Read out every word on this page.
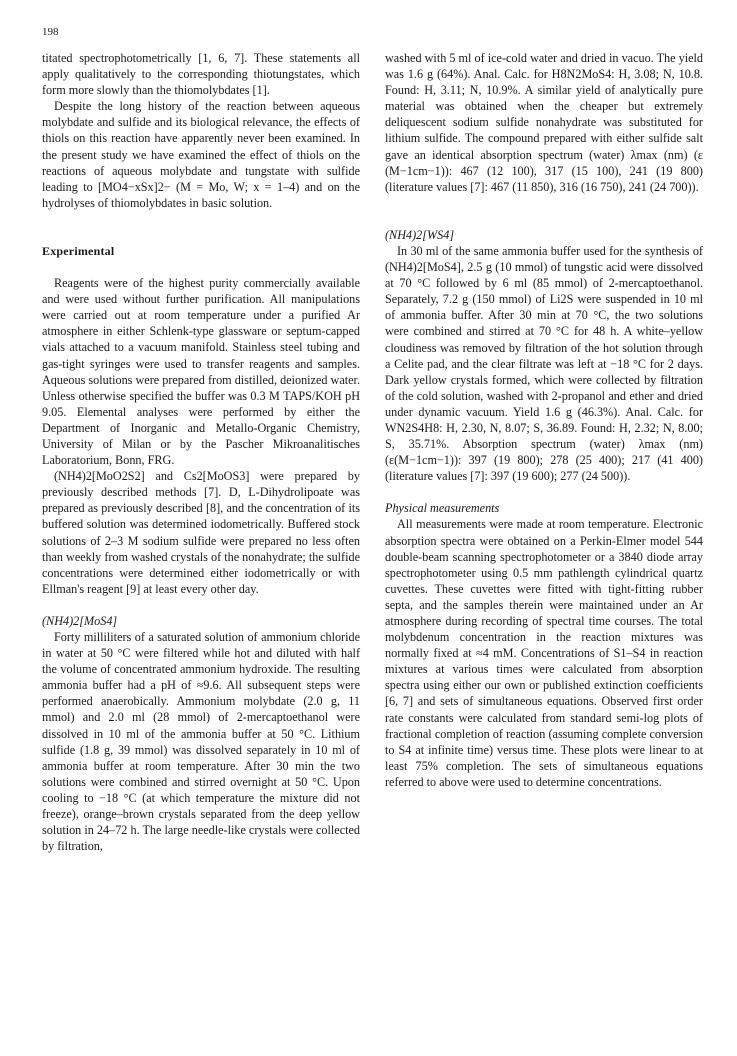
198

titated spectrophotometrically [1, 6, 7]. These statements all apply qualitatively to the corresponding thiotungstates, which form more slowly than the thiomolybdates [1].

Despite the long history of the reaction between aqueous molybdate and sulfide and its biological relevance, the effects of thiols on this reaction have apparently never been examined. In the present study we have examined the effect of thiols on the reactions of aqueous molybdate and tungstate with sulfide leading to [MO4−xSx]2− (M = Mo, W; x = 1–4) and on the hydrolyses of thiomolybdates in basic solution.

Experimental

Reagents were of the highest purity commercially available and were used without further purification. All manipulations were carried out at room temperature under a purified Ar atmosphere in either Schlenk-type glassware or septum-capped vials attached to a vacuum manifold. Stainless steel tubing and gas-tight syringes were used to transfer reagents and samples. Aqueous solutions were prepared from distilled, deionized water. Unless otherwise specified the buffer was 0.3 M TAPS/KOH pH 9.05. Elemental analyses were performed by either the Department of Inorganic and Metallo-Organic Chemistry, University of Milan or by the Pascher Mikroanalitisches Laboratorium, Bonn, FRG.

(NH4)2[MoO2S2] and Cs2[MoOS3] were prepared by previously described methods [7]. D, L-Dihydrolipoate was prepared as previously described [8], and the concentration of its buffered solution was determined iodometrically. Buffered stock solutions of 2–3 M sodium sulfide were prepared no less often than weekly from washed crystals of the nonahydrate; the sulfide concentrations were determined either iodometrically or with Ellman's reagent [9] at least every other day.

(NH4)2[MoS4]

Forty milliliters of a saturated solution of ammonium chloride in water at 50 °C were filtered while hot and diluted with half the volume of concentrated ammonium hydroxide. The resulting ammonia buffer had a pH of ≈9.6. All subsequent steps were performed anaerobically. Ammonium molybdate (2.0 g, 11 mmol) and 2.0 ml (28 mmol) of 2-mercaptoethanol were dissolved in 10 ml of the ammonia buffer at 50 °C. Lithium sulfide (1.8 g, 39 mmol) was dissolved separately in 10 ml of ammonia buffer at room temperature. After 30 min the two solutions were combined and stirred overnight at 50 °C. Upon cooling to −18 °C (at which temperature the mixture did not freeze), orange–brown crystals separated from the deep yellow solution in 24–72 h. The large needle-like crystals were collected by filtration,

washed with 5 ml of ice-cold water and dried in vacuo. The yield was 1.6 g (64%). Anal. Calc. for H8N2MoS4: H, 3.08; N, 10.8. Found: H, 3.11; N, 10.9%. A similar yield of analytically pure material was obtained when the cheaper but extremely deliquescent sodium sulfide nonahydrate was substituted for lithium sulfide. The compound prepared with either sulfide salt gave an identical absorption spectrum (water) λmax (nm) (ε (M−1cm−1)): 467 (12 100), 317 (15 100), 241 (19 800) (literature values [7]: 467 (11 850), 316 (16 750), 241 (24 700)).

(NH4)2[WS4]

In 30 ml of the same ammonia buffer used for the synthesis of (NH4)2[MoS4], 2.5 g (10 mmol) of tungstic acid were dissolved at 70 °C followed by 6 ml (85 mmol) of 2-mercaptoethanol. Separately, 7.2 g (150 mmol) of Li2S were suspended in 10 ml of ammonia buffer. After 30 min at 70 °C, the two solutions were combined and stirred at 70 °C for 48 h. A white–yellow cloudiness was removed by filtration of the hot solution through a Celite pad, and the clear filtrate was left at −18 °C for 2 days. Dark yellow crystals formed, which were collected by filtration of the cold solution, washed with 2-propanol and ether and dried under dynamic vacuum. Yield 1.6 g (46.3%). Anal. Calc. for WN2S4H8: H, 2.30, N, 8.07; S, 36.89. Found: H, 2.32; N, 8.00; S, 35.71%. Absorption spectrum (water) λmax (nm) (ε(M−1cm−1)): 397 (19 800); 278 (25 400); 217 (41 400) (literature values [7]: 397 (19 600); 277 (24 500)).

Physical measurements

All measurements were made at room temperature. Electronic absorption spectra were obtained on a Perkin-Elmer model 544 double-beam scanning spectrophotometer or a 3840 diode array spectrophotometer using 0.5 mm pathlength cylindrical quartz cuvettes. These cuvettes were fitted with tight-fitting rubber septa, and the samples therein were maintained under an Ar atmosphere during recording of spectral time courses. The total molybdenum concentration in the reaction mixtures was normally fixed at ≈4 mM. Concentrations of S1–S4 in reaction mixtures at various times were calculated from absorption spectra using either our own or published extinction coefficients [6, 7] and sets of simultaneous equations. Observed first order rate constants were calculated from standard semi-log plots of fractional completion of reaction (assuming complete conversion to S4 at infinite time) versus time. These plots were linear to at least 75% completion. The sets of simultaneous equations referred to above were used to determine concentrations.
